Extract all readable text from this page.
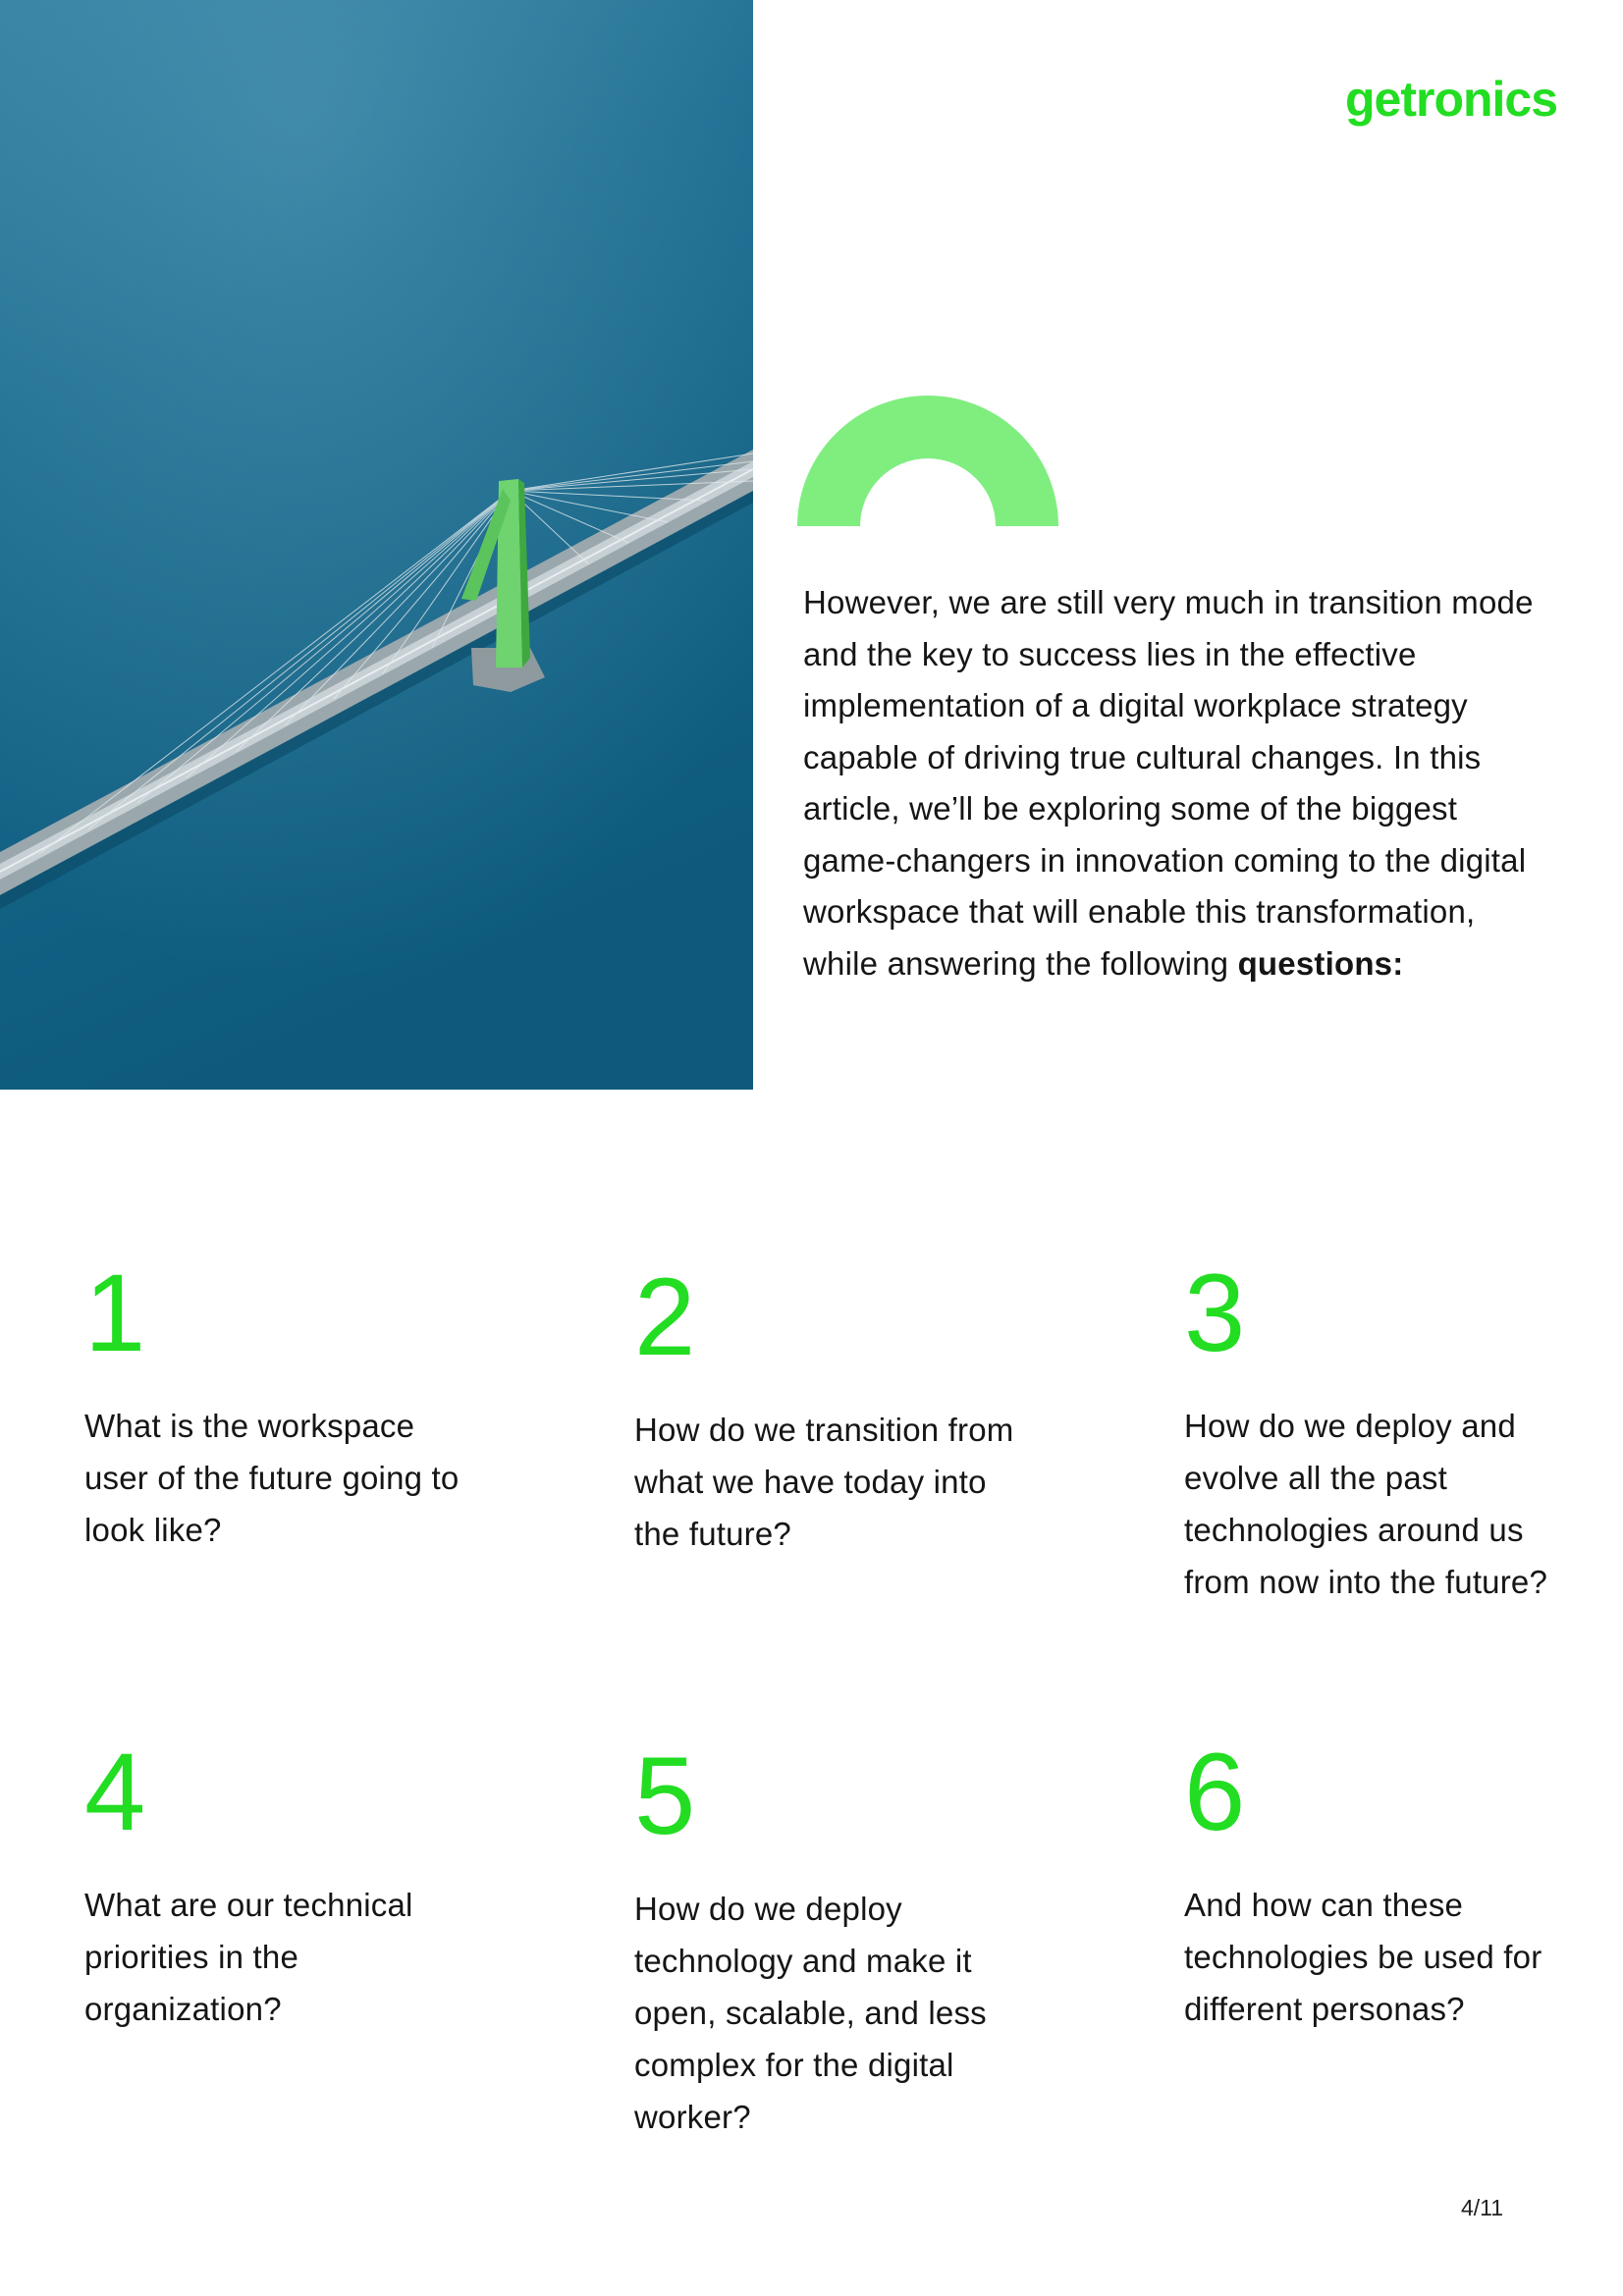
getronics

However, we are still very much in transition mode and the key to success lies in the effective implementation of a digital workplace strategy capable of driving true cultural changes. In this article, we’ll be exploring some of the biggest game-changers in innovation coming to the digital workspace that will enable this transformation, while answering the following questions:

1
What is the workspace user of the future going to look like?
2
How do we transition from what we have today into the future?
3
How do we deploy and evolve all the past technologies around us from now into the future?
4
What are our technical priorities in the organization?
5
How do we deploy technology and make it open, scalable, and less complex for the digital worker?
6
And how can these technologies be used for different personas?
4/11
